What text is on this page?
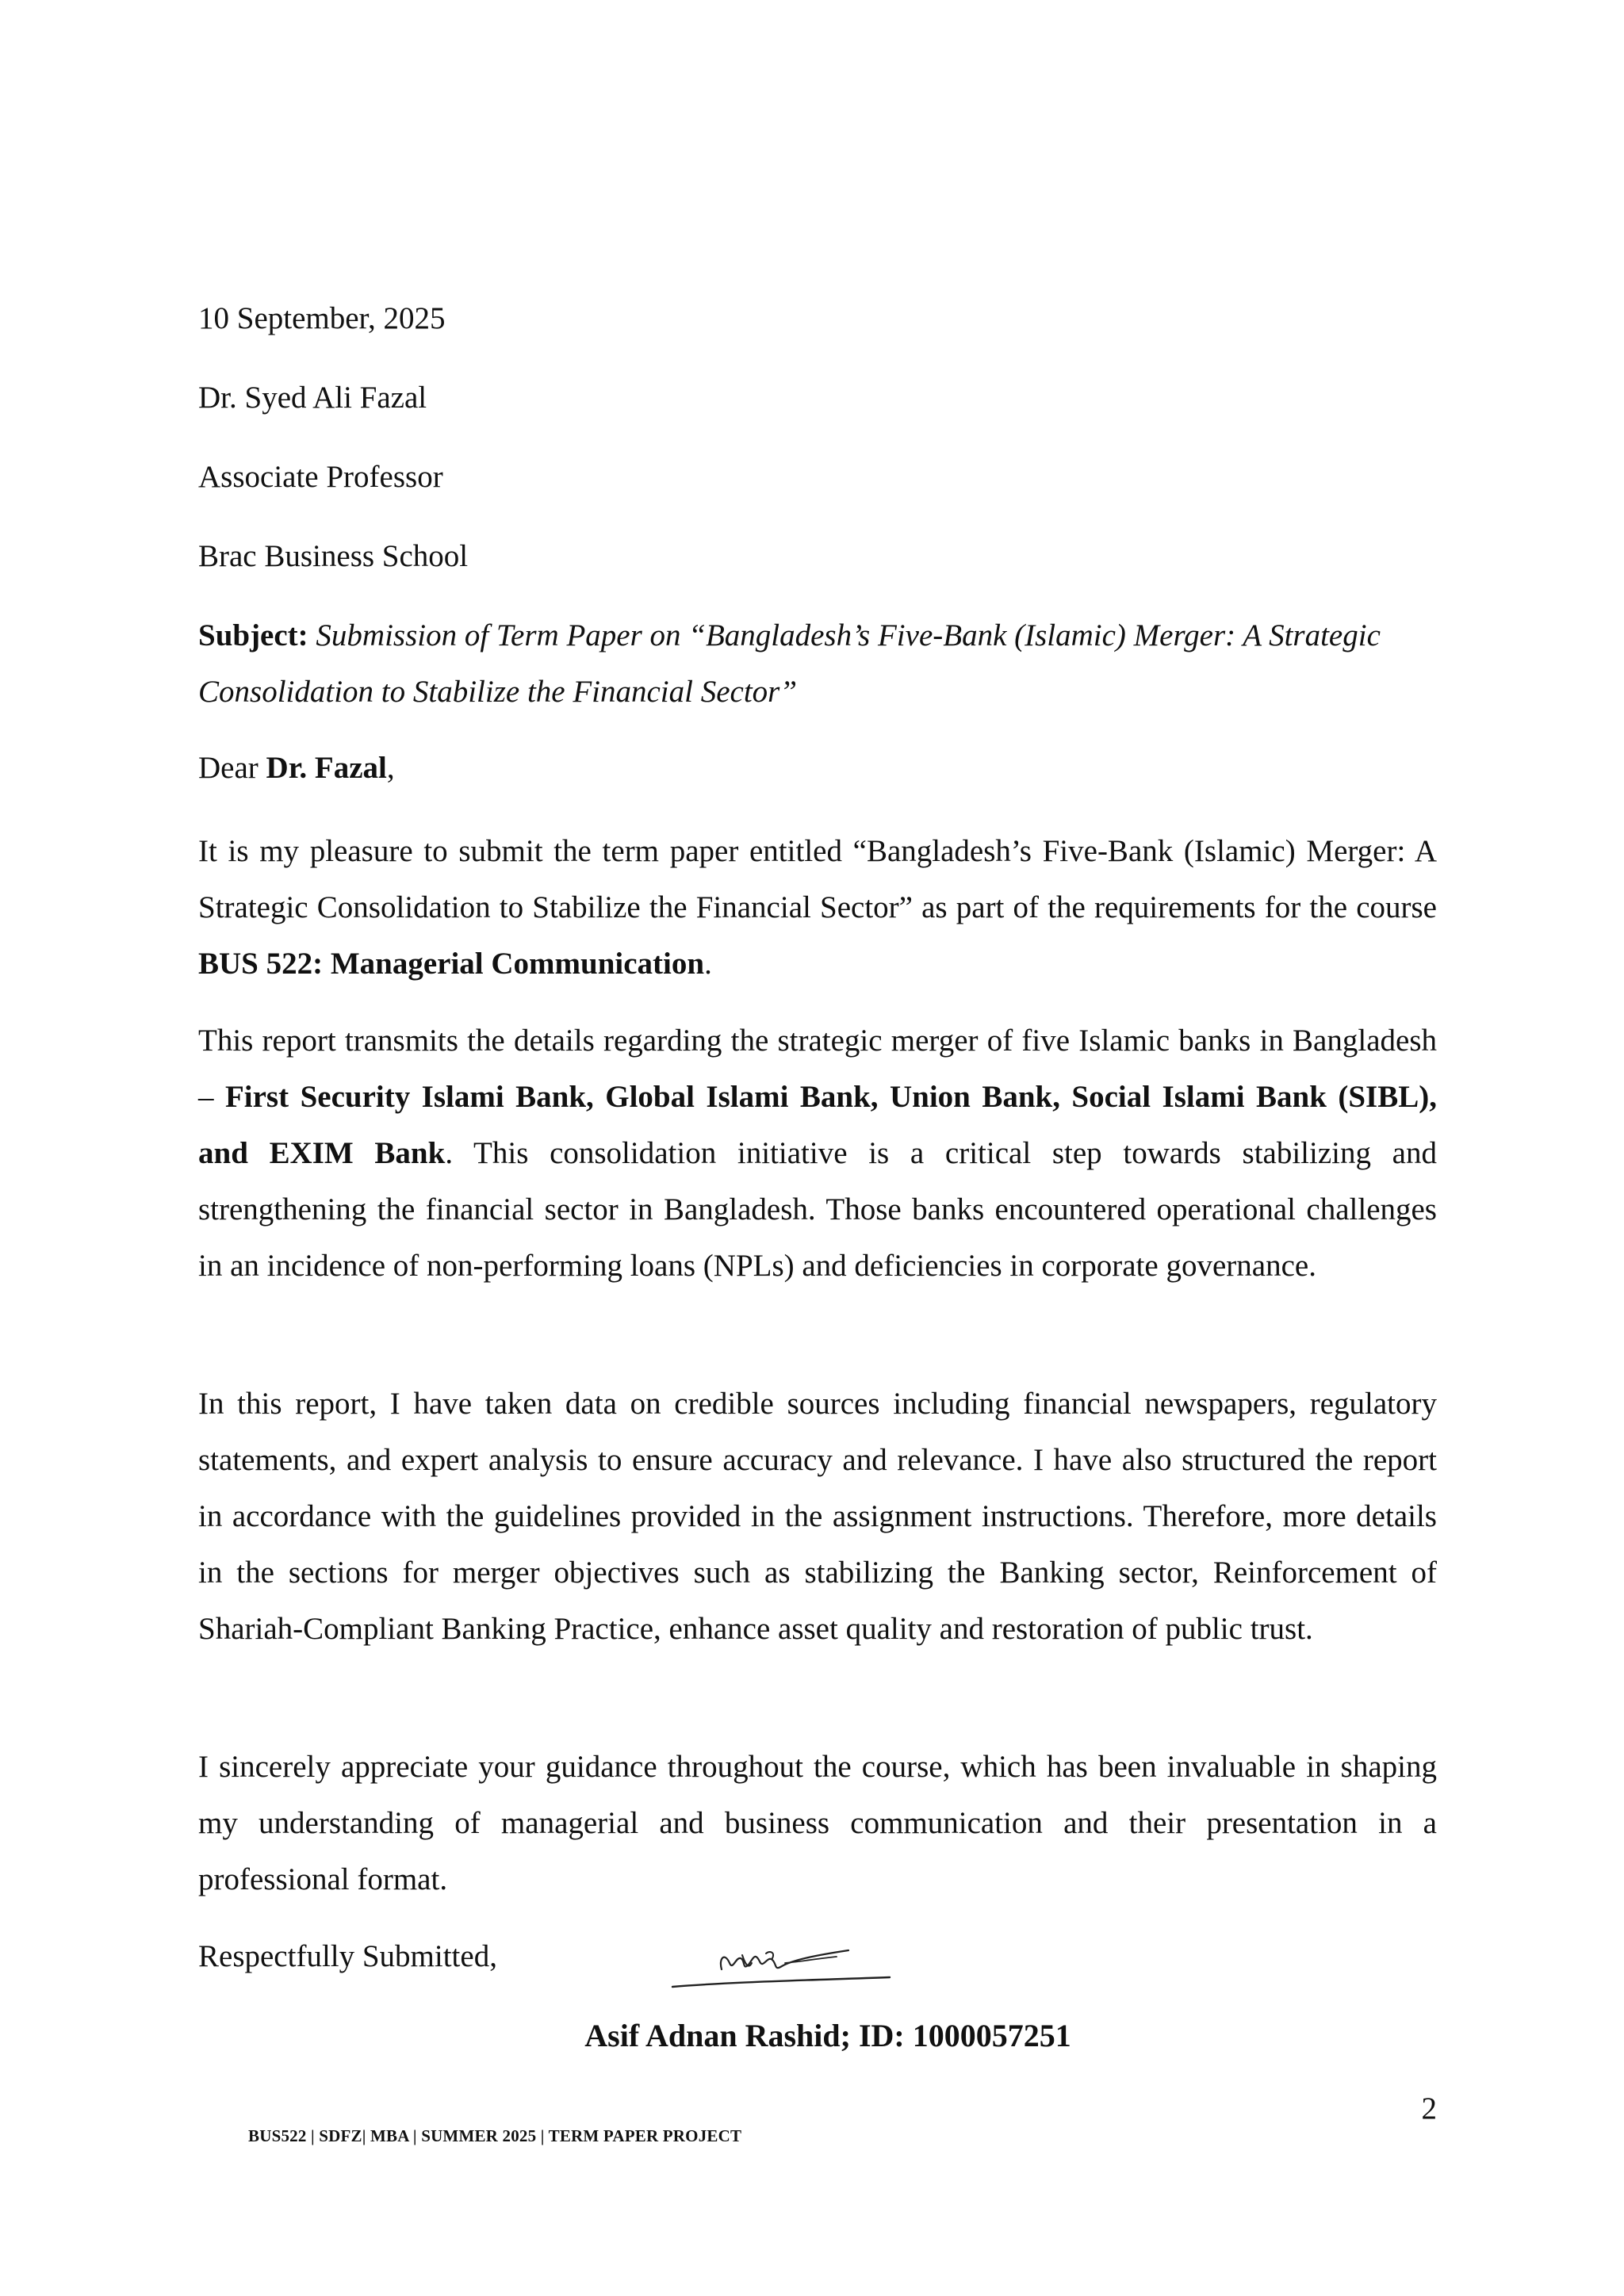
10 September, 2025

Dr. Syed Ali Fazal

Associate Professor

Brac Business School

Subject: Submission of Term Paper on “Bangladesh’s Five-Bank (Islamic) Merger: A Strategic Consolidation to Stabilize the Financial Sector”

Dear Dr. Fazal,

It is my pleasure to submit the term paper entitled “Bangladesh’s Five-Bank (Islamic) Merger: A Strategic Consolidation to Stabilize the Financial Sector” as part of the requirements for the course BUS 522: Managerial Communication.

This report transmits the details regarding the strategic merger of five Islamic banks in Bangladesh – First Security Islami Bank, Global Islami Bank, Union Bank, Social Islami Bank (SIBL), and EXIM Bank. This consolidation initiative is a critical step towards stabilizing and strengthening the financial sector in Bangladesh. Those banks encountered operational challenges in an incidence of non-performing loans (NPLs) and deficiencies in corporate governance.

In this report, I have taken data on credible sources including financial newspapers, regulatory statements, and expert analysis to ensure accuracy and relevance. I have also structured the report in accordance with the guidelines provided in the assignment instructions. Therefore, more details in the sections for merger objectives such as stabilizing the Banking sector, Reinforcement of Shariah-Compliant Banking Practice, enhance asset quality and restoration of public trust.

I sincerely appreciate your guidance throughout the course, which has been invaluable in shaping my understanding of managerial and business communication and their presentation in a professional format.

Respectfully Submitted,

Asif Adnan Rashid; ID: 1000057251
2
BUS522 | SDFZ| MBA | SUMMER 2025 | TERM PAPER PROJECT
